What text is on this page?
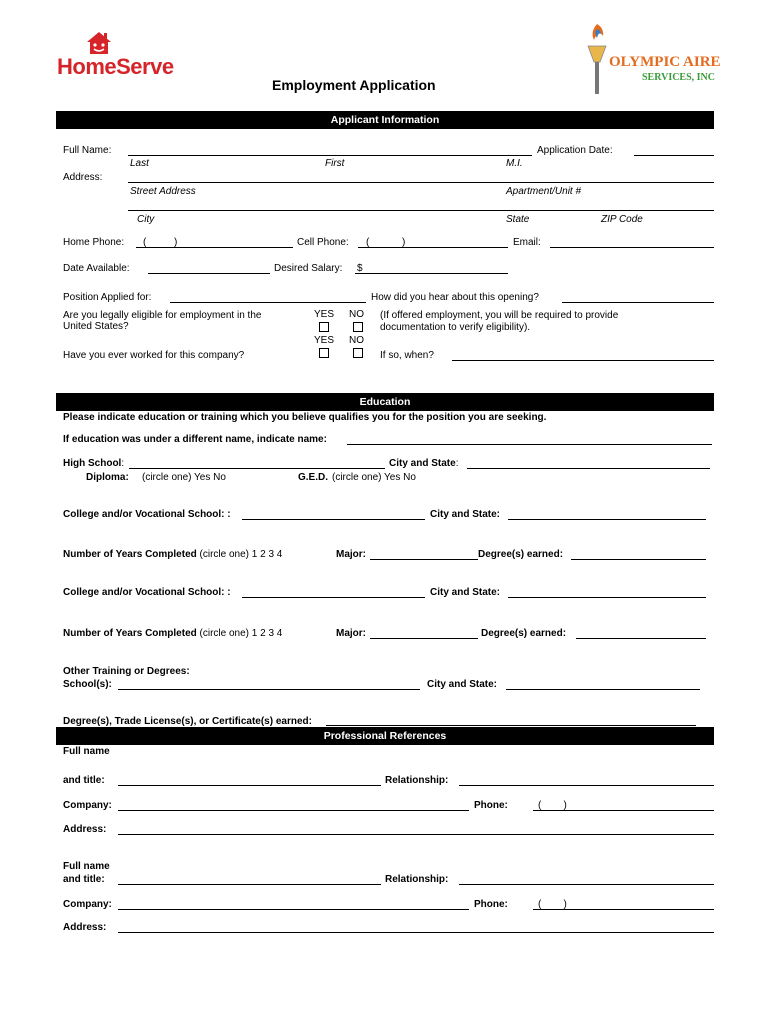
HomeServe	OLYMPIC AIRE
SERVICES, INC
Employment Application
Applicant Information
Full Name:	Application Date:
Last	First	M.I.
Address:
Street Address	Apartment/Unit #
City	State	ZIP Code
Home Phone: (	)	Cell Phone: (	)	Email:
Date Available:	Desired Salary: $
Position Applied for:	How did you hear about this opening?
Are you legally eligible for employment in the
United States?
YES NO (If offered employment, you will be required to provide
documentation to verify eligibility).
YES NO
Have you ever worked for this company?	If so, when?
Education
Please indicate education or training which you believe qualifies you for the position you are seeking.
If education was under a different name, indicate name:
High School:	City and State:
Diploma: (circle one) Yes No	G.E.D. (circle one) Yes No
College and/or Vocational School: :	City and State:
Number of Years Completed (circle one) 1 2 3 4	Major:	Degree(s) earned:
College and/or Vocational School: :	City and State:
Number of Years Completed (circle one) 1 2 3 4	Major:	Degree(s) earned:
Other Training or Degrees:
School(s):	City and State:
Degree(s), Trade License(s), or Certificate(s) earned:
Professional References
Full name
and title:	Relationship:
Company:	Phone:	(        )
Address:
Full name
and title:	Relationship:
Company:	Phone:	(        )
Address:
